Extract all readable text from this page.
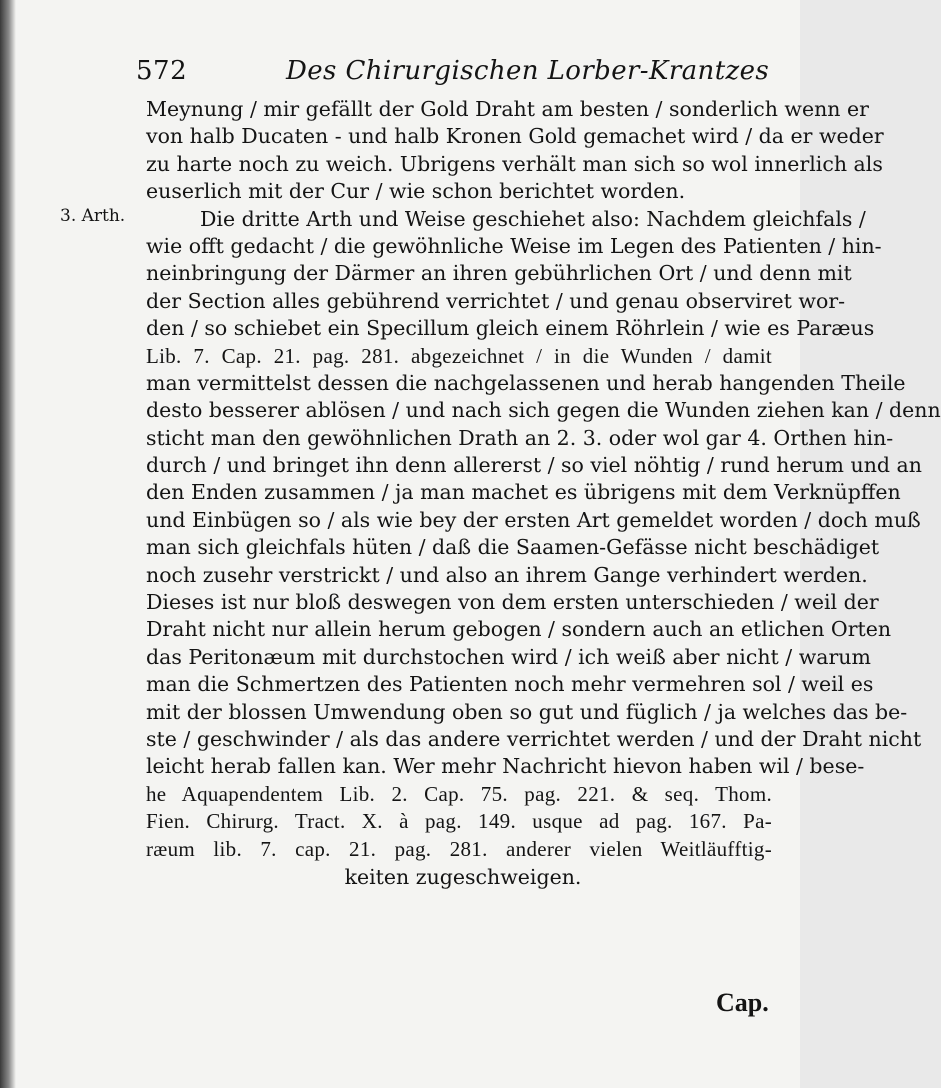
572	Des Chirurgischen Lorber-Krantzes
3. Arth.
Meynung / mir gefällt der Gold Draht am besten / sonderlich wenn er
von halb Ducaten - und halb Kronen Gold gemachet wird / da er weder
zu harte noch zu weich. Ubrigens verhält man sich so wol innerlich als
euserlich mit der Cur / wie schon berichtet worden.
Die dritte Arth und Weise geschiehet also: Nachdem gleichfals /
wie offt gedacht / die gewöhnliche Weise im Legen des Patienten / hin-
neinbringung der Därmer an ihren gebührlichen Ort / und denn mit
der Section alles gebührend verrichtet / und genau observiret wor-
den / so schiebet ein Specillum gleich einem Röhrlein / wie es Paræus
Lib. 7. Cap. 21. pag. 281. abgezeichnet / in die Wunden / damit
man vermittelst dessen die nachgelassenen und herab hangenden Theile
desto besserer ablösen / und nach sich gegen die Wunden ziehen kan / denn
sticht man den gewöhnlichen Drath an 2. 3. oder wol gar 4. Orthen hin-
durch / und bringet ihn denn allererst / so viel nöhtig / rund herum und an
den Enden zusammen / ja man machet es übrigens mit dem Verknüpffen
und Einbügen so / als wie bey der ersten Art gemeldet worden / doch muß
man sich gleichfals hüten / daß die Saamen-Gefässe nicht beschädiget
noch zusehr verstrickt / und also an ihrem Gange verhindert werden.
Dieses ist nur bloß deswegen von dem ersten unterschieden / weil der
Draht nicht nur allein herum gebogen / sondern auch an etlichen Orten
das Peritonæum mit durchstochen wird / ich weiß aber nicht / warum
man die Schmertzen des Patienten noch mehr vermehren sol / weil es
mit der blossen Umwendung oben so gut und füglich / ja welches das be-
ste / geschwinder / als das andere verrichtet werden / und der Draht nicht
leicht herab fallen kan. Wer mehr Nachricht hievon haben wil / bese-
he Aquapendentem Lib. 2. Cap. 75. pag. 221. & seq. Thom.
Fien. Chirurg. Tract. X. à pag. 149. usque ad pag. 167. Pa-
ræum lib. 7. cap. 21. pag. 281. anderer vielen Weitläufftig-
keiten zugeschweigen.
Cap.
